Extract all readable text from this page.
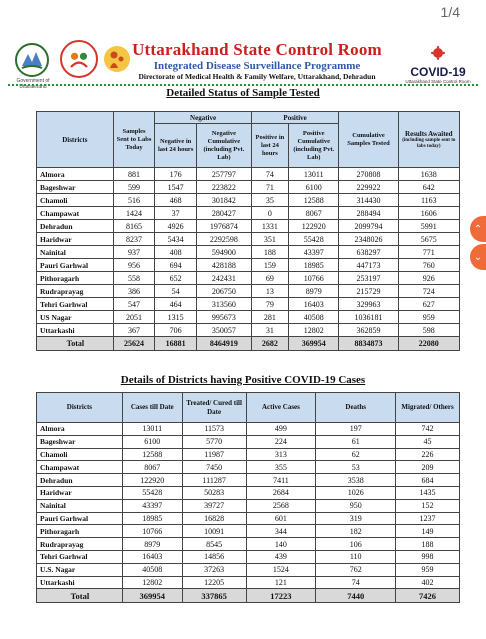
1/4
⌃
⌄
Government of Uttarakhand
Uttarakhand State Control Room
Integrated Disease Surveillance Programme
Directorate of Medical Health & Family Welfare, Uttarakhand, Dehradun	COVID-19
Uttarakhand State Control Room
Detailed Status of Sample Tested
Districts	Samples Sent to Labs Today	Negative		Positive		Cumulative Samples Tested	Results Awaited
(including sample sent to labs today)

		Negative in last 24 hours	Negative Cumulative (including Pvt. Lab)	Positive in last 24 hours	Positive Cumulative (including Pvt. Lab)		
Almora	881	176	257797	74	13011	270808	1638
Bageshwar	599	1547	223822	71	6100	229922	642
Chamoli	516	468	301842	35	12588	314430	1163
Champawat	1424	37	280427	0	8067	288494	1606
Dehradun	8165	4926	1976874	1331	122920	2099794	5991
Haridwar	8237	5434	2292598	351	55428	2348026	5675
Nainital	937	408	594900	188	43397	638297	771
Pauri Garhwal	956	694	428188	159	18985	447173	760
Pithoragarh	558	652	242431	69	10766	253197	926
Rudraprayag	386	54	206750	13	8979	215729	724
Tehri Garhwal	547	464	313560	79	16403	329963	627
US Nagar	2051	1315	995673	281	40508	1036181	959
Uttarkashi	367	706	350057	31	12802	362859	598
Total	25624	16881	8464919	2682	369954	8834873	22080
Details of Districts having Positive COVID-19 Cases
Districts	Cases till Date	Treated/ Cured till Date	Active Cases	Deaths	Migrated/ Others
Almora	13011	11573	499	197	742
Bageshwar	6100	5770	224	61	45
Chamoli	12588	11987	313	62	226
Champawat	8067	7450	355	53	209
Dehradun	122920	111287	7411	3538	684
Haridwar	55428	50283	2684	1026	1435
Nainital	43397	39727	2568	950	152
Pauri Garhwal	18985	16828	601	319	1237
Pithoragarh	10766	10091	344	182	149
Rudraprayag	8979	8545	140	106	188
Tehri Garhwal	16403	14856	439	110	998
U.S. Nagar	40508	37263	1524	762	959
Uttarkashi	12802	12205	121	74	402
Total	369954	337865	17223	7440	7426
